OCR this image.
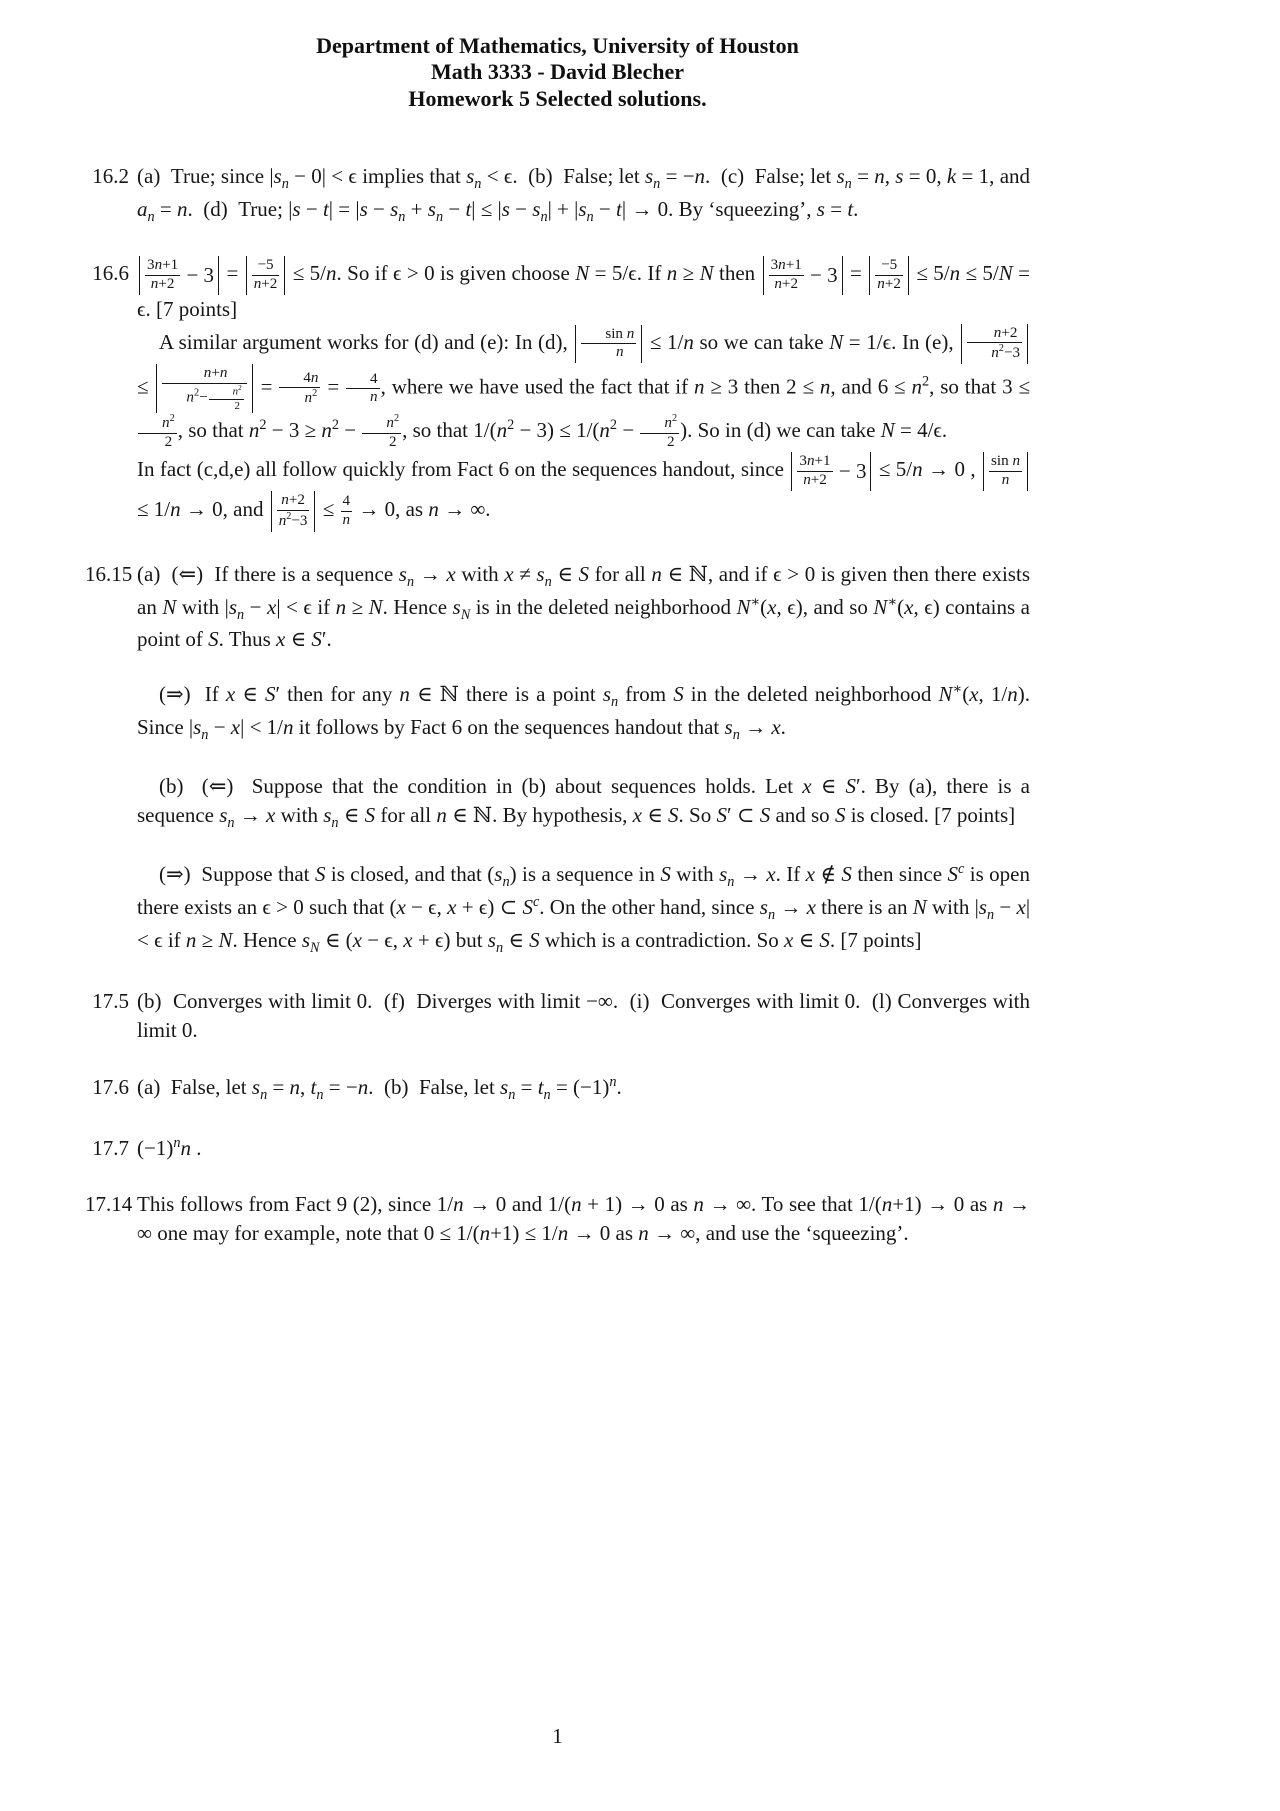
Department of Mathematics, University of Houston
Math 3333 - David Blecher
Homework 5 Selected solutions.
16.2 (a)  True; since $|s_n - 0| < \epsilon$ implies that $s_n < \epsilon$.  (b)  False; let $s_n = -n$.  (c)  False; let $s_n = n$, s = 0, k = 1, and $a_n = n$.  (d)  True; $|s - t| = |s - s_n + s_n - t| \le |s - s_n| + |s_n - t| \to 0$. By ‘squeezing’, s = t.

16.6	3n+1
n+2 − 3 = −5
n+2 ≤ 5/n. So if ϵ > 0 is given choose N = 5/ϵ. If n ≥ N then 3n+1
n+2 − 3 = −5
n+2 ≤ 5/n ≤ 5/N = ϵ. [7 points]

A similar argument works for (d) and (e): In (d),	sin n
n ≤ 1/n so we can take N = 1/ϵ. In (e),	n+2
$n^2-3$
≤
n+n
$n^2- \frac{n^2}{2} = \frac{4n}{n^2} = \frac{4}{n}$ , where we have used the fact that if n ≥ 3 then 2 ≤ n, and $6 \le n^2$, so that 3 ≤
$\frac{n^2}{2}$ , so that $n^2 - 3 \ge n^2 - \frac{n^2}{2}$ , so that $1/(n^2 - 3) \le 1/(n^2 - \frac{n^2}{2}$ ). So in (d) we can take N = 4/ϵ.

In fact (c,d,e) all follow quickly from Fact 6 on the sequences handout, since 3n+1
n+2 − 3 ≤ 5/n → 0 , sin n
n
≤ 1/n → 0, and n+2
$n^2-3 \le \frac{4}{n} \to 0$, as n → ∞.

16.15 (a)  (⇐)  If there is a sequence $s_n \to x$ with $x \ne s_n$ ∈ S for all n ∈ ℕ, and if ϵ > 0 is given then there exists an N with $|s_n - x| < \epsilon$ if n ≥ N. Hence $s_N$ is in the deleted neighborhood N∗(x, ϵ), and so N∗(x, ϵ) contains a point of S. Thus x ∈ S′.

(⇒)  If x ∈ S′ then for any n ∈ ℕ there is a point $s_n$ from S in the deleted neighborhood N∗(x, 1/n). Since $|s_n - x| < 1/n$ it follows by Fact 6 on the sequences handout that $s_n \to x$.

(b)  (⇐)  Suppose that the condition in (b) about sequences holds. Let x ∈ S′. By (a), there is a sequence $s_n \to x$ with $s_n$ ∈ S for all n ∈ ℕ. By hypothesis, x ∈ S. So S′ ⊂ S and so S is closed. [7 points]

(⇒)  Suppose that S is closed, and that $(s_n)$ is a sequence in S with $s_n \to x$. If x ∉ S then since $S^c$ is open there exists an ϵ > 0 such that (x − ϵ, x + ϵ) ⊂ $S^c$. On the other hand, since $s_n \to x$ there is an N with $|s_n - x| < \epsilon$ if n ≥ N. Hence $s_N$ ∈ (x − ϵ, x + ϵ) but $s_n$ ∈ S which is a contradiction. So x ∈ S. [7 points]

17.5 (b)  Converges with limit 0.  (f)  Diverges with limit −∞.  (i)  Converges with limit 0.  (l) Converges with limit 0.

17.6 (a)  False, let $s_n = n$, $t_n = -n$.  (b)  False, let $s_n = t_n = (-1)^n$.

17.7 $(-1)^nn$ .

17.14 This follows from Fact 9 (2), since 1/n → 0 and 1/(n + 1) → 0 as n → ∞. To see that 1/(n+1) → 0 as n → ∞ one may for example, note that 0 ≤ 1/(n+1) ≤ 1/n → 0 as n → ∞, and use the ‘squeezing’.

1
